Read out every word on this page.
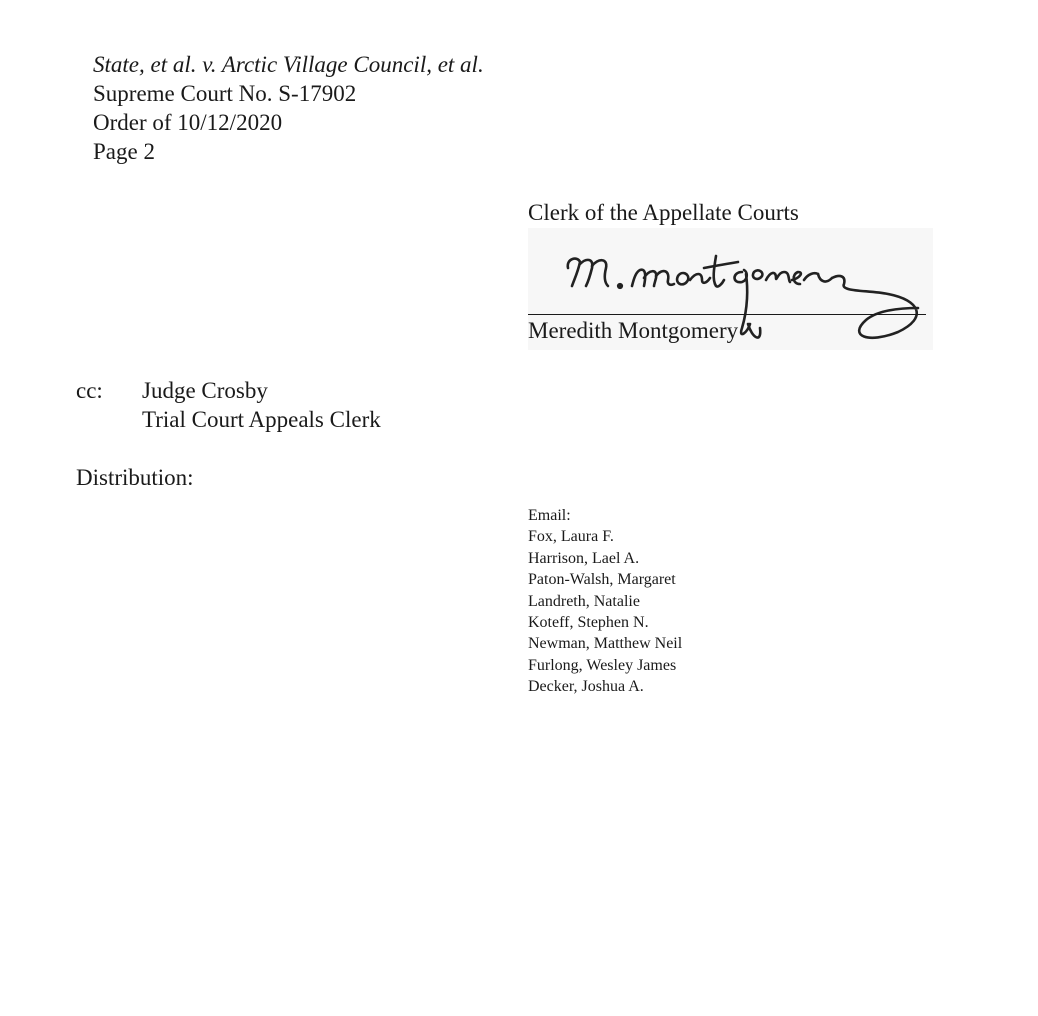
State, et al. v. Arctic Village Council, et al.
Supreme Court No. S-17902
Order of 10/12/2020
Page 2
Clerk of the Appellate Courts
Meredith Montgomery
cc: Judge Crosby
Trial Court Appeals Clerk
Distribution:
Email:
Fox, Laura F.
Harrison, Lael A.
Paton-Walsh, Margaret
Landreth, Natalie
Koteff, Stephen N.
Newman, Matthew Neil
Furlong, Wesley James
Decker, Joshua A.
